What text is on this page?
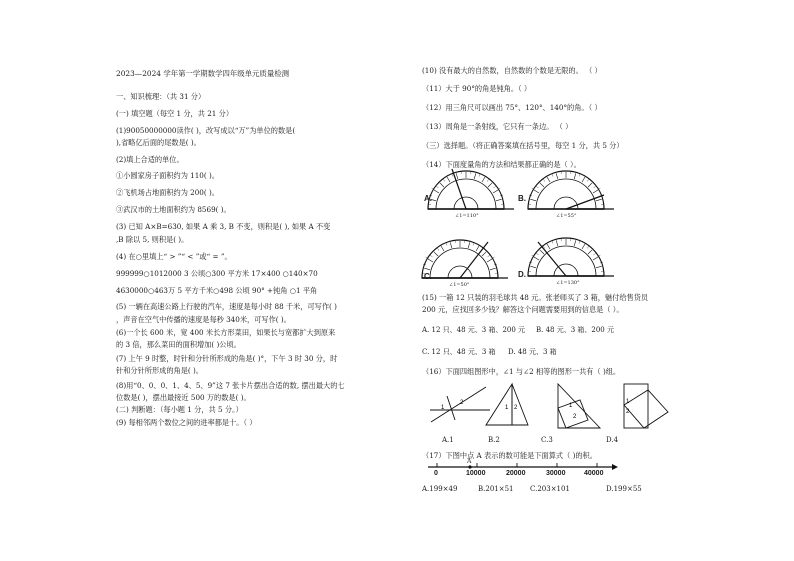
2023—2024 学年第一学期数学四年级单元质量检测
一、知识梳理：（共 31 分）
(一) 填空题（每空 1 分，共 21 分）
(1)90050000000读作( )，改写成以“万”为单位的数是(
),省略亿后面的尾数是( )。
(2)填上合适的单位。
①小圆家房子面积约为 110( )。
②飞机场占地面积约为 200( )。
③武汉市的土地面积约为 8569( )。
(3) 已知 A×B=630, 如果 A 乘 3, B 不变，则积是( ), 如果 A 不变
,B 除以 5, 则积是( )。
(4) 在○里填上“ > ”“ < ”或“ = ”。
999999○1012000 3 公顷○300 平方米 17×400 ○140×70
4630000○463万 5 平方千米○498 公顷 90° +钝角 ○1 平角
(5) 一辆在高速公路上行驶的汽车，速度是每小时 88 千米，可写作( )
，声音在空气中传播的速度是每秒 340米，可写作( )。
(6)一个长 600 米，宽 400 米长方形菜田，如果长与宽都扩大到原来
的 3 倍，那么菜田的面积增加( )公顷。
(7) 上午 9 时整，时针和分针所形成的角是( )°，下午 3 时 30 分，时
针和分针所形成的角是( )。
(8)用“0、0、0、1、4、5、9”这 7 张卡片摆出合适的数, 摆出最大的七
位数是( )，摆出最接近 500 万的数是( )。
(二) 判断题：（每小题 1 分，共 5 分。）
(9) 每相邻两个数位之间的进率都是十。（ ）
(10) 没有最大的自然数，自然数的个数是无限的。 （ ）
（11）大于 90°的角是钝角。（ ）
（12）用三角尺可以画出 75°、120°、140°的角。（ ）
（13）周角是一条射线，它只有一条边。 （ ）
（三）选择题。（将正确答案填在括号里，每空 1 分，共 5 分）
（14）下面度量角的方法和结果都正确的是（ ）。
A.
∠1=110°
B.
∠1=55°
C.
∠1=50°
D.
∠1=130°
(15) 一箱 12 只装的羽毛球共 48 元。张老师买了 3 箱，魅付给售货员
200 元，应找回多少钱？解答这个问题需要用到的信息是（ ）。
A. 12 只、48 元、3 箱、200 元 B. 48 元、3 箱、200 元
C. 12 只、48 元、3 箱 D. 48 元、3 箱
（16）下面四组图形中，∠1 与∠2 相等的图形一共有（ )组。
1
2
1 2	1
2
1
2
A.1	B.2	C.3	D.4
（17）下图中点 A 表示的数可能是下面算式（ )的积。
A
0	10000	20000	30000	40000
A.199×49	B.201×51 C.203×101	D.199×55
